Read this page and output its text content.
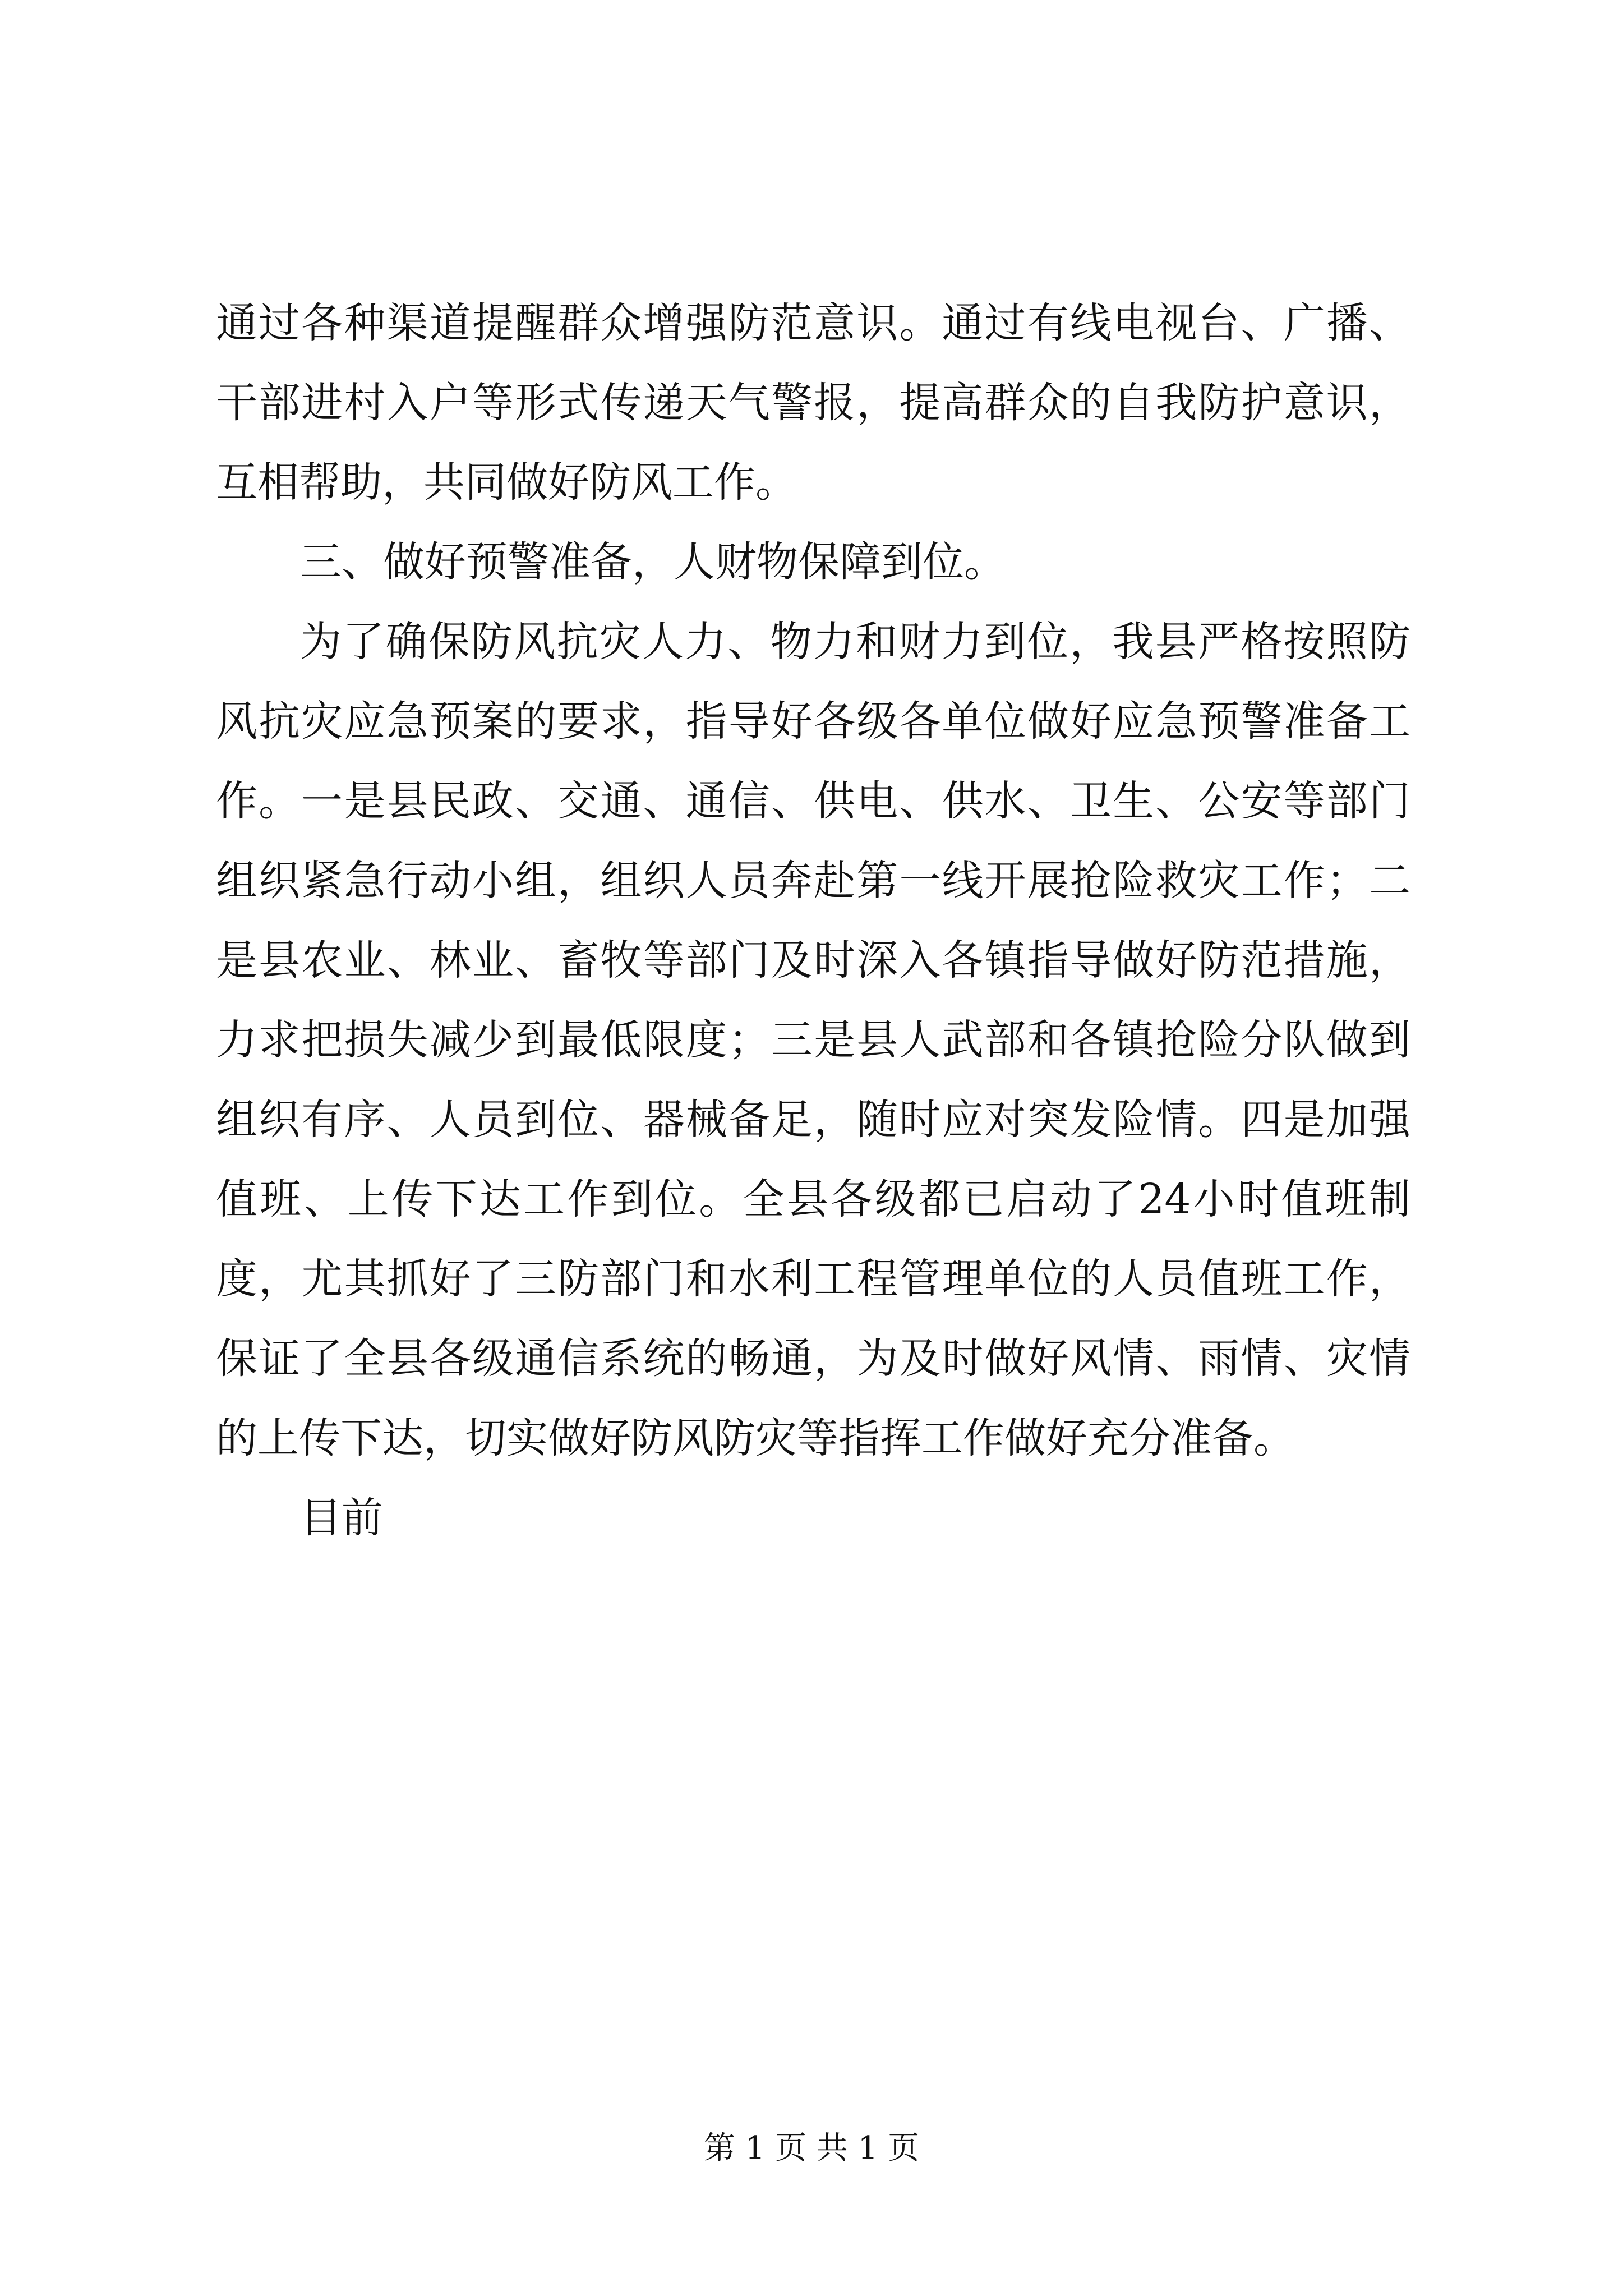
通过各种渠道提醒群众增强防范意识。通过有线电视台、广播、
干部进村入户等形式传递天气警报，提高群众的自我防护意识，
互相帮助，共同做好防风工作。
三、做好预警准备，人财物保障到位。
为了确保防风抗灾人力、物力和财力到位，我县严格按照防
风抗灾应急预案的要求，指导好各级各单位做好应急预警准备工
作。一是县民政、交通、通信、供电、供水、卫生、公安等部门
组织紧急行动小组，组织人员奔赴第一线开展抢险救灾工作；二
是县农业、林业、畜牧等部门及时深入各镇指导做好防范措施，
力求把损失减少到最低限度；三是县人武部和各镇抢险分队做到
组织有序、人员到位、器械备足，随时应对突发险情。四是加强
值班、上传下达工作到位。全县各级都已启动了24小时值班制
度，尤其抓好了三防部门和水利工程管理单位的人员值班工作，
保证了全县各级通信系统的畅通，为及时做好风情、雨情、灾情
的上传下达，切实做好防风防灾等指挥工作做好充分准备。
目前
第 1 页 共 1 页
